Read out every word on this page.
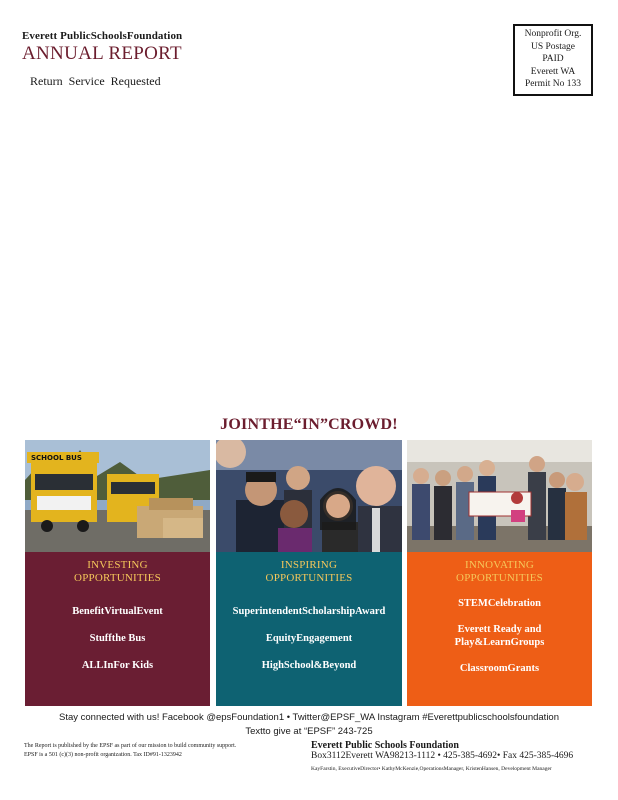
Everett PublicSchoolsFoundation
ANNUAL REPORT
Return Service Requested
Nonprofit Org.
US Postage
PAID
Everett WA
Permit No 133
JOINTHE“IN”CROWD!
SCHOOL BUS
INVESTING
OPPORTUNITIES
BenefitVirtualEvent
Stuffthe Bus
ALLInFor Kids
INSPIRING
OPPORTUNITIES
SuperintendentScholarshipAward
EquityEngagement
HighSchool&Beyond
INNOVATING
OPPORTUNITIES
STEMCelebration
Everett Ready and
Play&LearnGroups
ClassroomGrants
Stay connected with us! Facebook @epsFoundation1 • Twitter@EPSF_WA Instagram #Everettpublicschoolsfoundation
Textto give at “EPSF” 243-725
The Report is published by the EPSF as part of our mission to build community support.
EPSF is a 501 (c)(3) non-profit organization. Tax ID#91-1323942
Everett Public Schools Foundation
Box3112Everett WA98213-1112 • 425-385-4692• Fax 425-385-4696
KayFarstin, ExecutiveDirector• KathyMcKenzie,OperationsManager, KristenHansen, Development Manager
